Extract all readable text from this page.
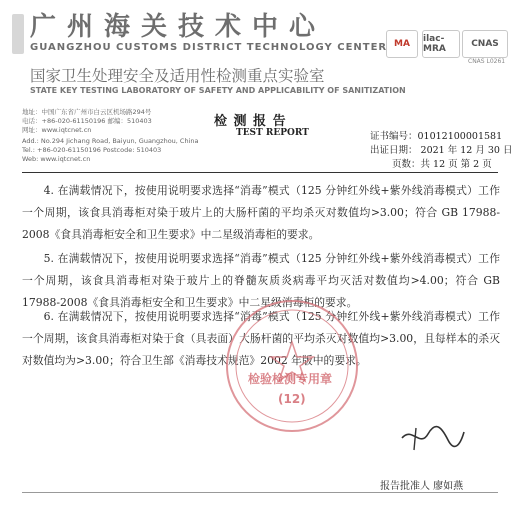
广州海关技术中心
GUANGZHOU CUSTOMS DISTRICT TECHNOLOGY CENTER
国家卫生处理安全及适用性检测重点实验室
STATE KEY TESTING LABORATORY OF SAFETY AND APPLICABILITY OF SANITIZATION
MA ilac-MRA	CNAS
CNAS L0261
地址：中国广东省广州市白云区机场路294号
电话：+86-020-61150196 邮编：510403
网址：www.iqtcnet.cn
Add.: No.294 Jichang Road, Baiyun, Guangzhou, China
Tel.: +86-020-61150196 Postcode: 510403
Web: www.iqtcnet.cn
检 测 报 告
TEST REPORT	证书编号：01012100001581
出证日期： 2021 年 12 月 30 日
页数：共 12 页 第 2 页
4. 在满载情况下，按使用说明要求选择“消毒”模式（125 分钟红外线+紫外线消毒模式）工作一个周期，该食具消毒柜对染于玻片上的大肠杆菌的平均杀灭对数值均>3.00；符合 GB 17988-2008《食具消毒柜安全和卫生要求》中二星级消毒柜的要求。
5. 在满载情况下，按使用说明要求选择“消毒”模式（125 分钟红外线+紫外线消毒模式）工作一个周期，该食具消毒柜对染于玻片上的脊髓灰质炎病毒平均灭活对数值均>4.00；符合 GB 17988-2008《食具消毒柜安全和卫生要求》中二星级消毒柜的要求。
6. 在满载情况下，按使用说明要求选择“消毒”模式（125 分钟红外线+紫外线消毒模式）工作一个周期，该食具消毒柜对染于食（具表面）大肠杆菌的平均杀灭对数值均>3.00，且每样本的杀灭对数值均为>3.00；符合卫生部《消毒技术规范》2002 年版中的要求。
检验检测专用章
(12)
报告批准人 廖如燕
